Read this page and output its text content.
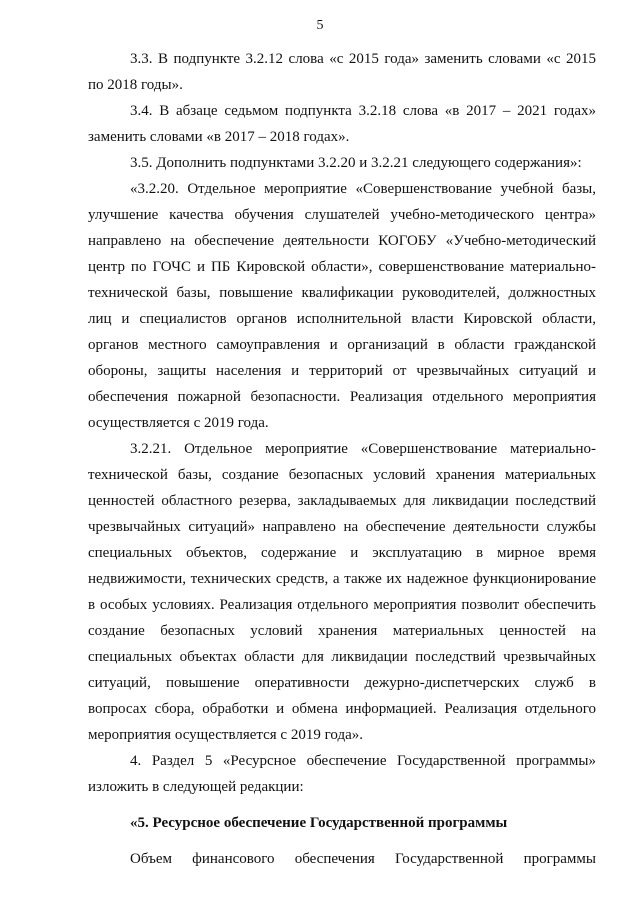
5

3.3. В подпункте 3.2.12 слова «с 2015 года» заменить словами «с 2015 по 2018 годы».

3.4. В абзаце седьмом подпункта 3.2.18 слова «в 2017 – 2021 годах» заменить словами «в 2017 – 2018 годах».

3.5. Дополнить подпунктами 3.2.20 и 3.2.21 следующего содержания»:

«3.2.20. Отдельное мероприятие «Совершенствование учебной базы, улучшение качества обучения слушателей учебно-методического центра» направлено на обеспечение деятельности КОГОБУ «Учебно-методический центр по ГОЧС и ПБ Кировской области», совершенствование материально-технической базы, повышение квалификации руководителей, должностных лиц и специалистов органов исполнительной власти Кировской области, органов местного самоуправления и организаций в области гражданской обороны, защиты населения и территорий от чрезвычайных ситуаций и обеспечения пожарной безопасности. Реализация отдельного мероприятия осуществляется с 2019 года.

3.2.21. Отдельное мероприятие «Совершенствование материально-технической базы, создание безопасных условий хранения материальных ценностей областного резерва, закладываемых для ликвидации последствий чрезвычайных ситуаций» направлено на обеспечение деятельности службы специальных объектов, содержание и эксплуатацию в мирное время недвижимости, технических средств, а также их надежное функционирование в особых условиях. Реализация отдельного мероприятия позволит обеспечить создание безопасных условий хранения материальных ценностей на специальных объектах области для ликвидации последствий чрезвычайных ситуаций, повышение оперативности дежурно-диспетчерских служб в вопросах сбора, обработки и обмена информацией. Реализация отдельного мероприятия осуществляется с 2019 года».

4. Раздел 5 «Ресурсное обеспечение Государственной программы» изложить в следующей редакции:

«5. Ресурсное обеспечение Государственной программы

Объем финансового обеспечения Государственной программы
